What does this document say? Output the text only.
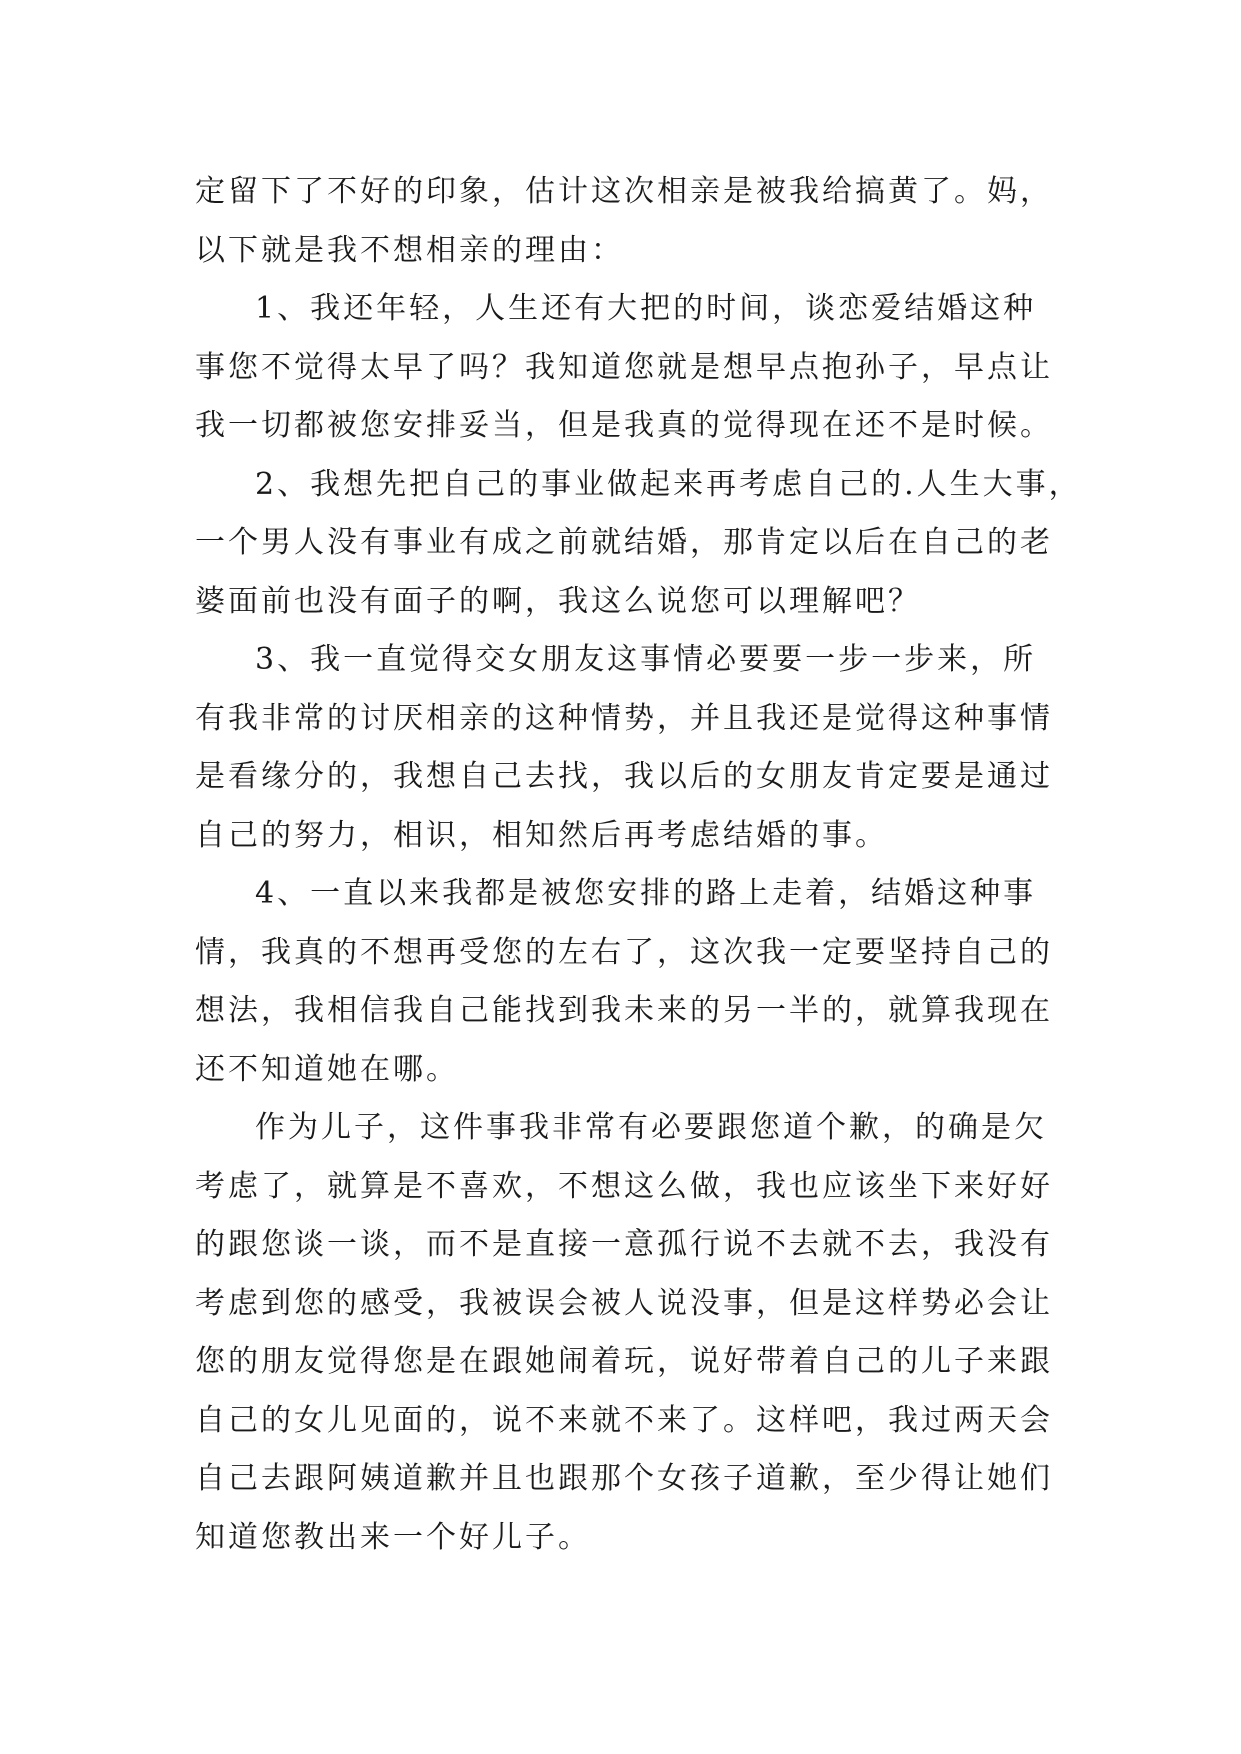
定留下了不好的印象，估计这次相亲是被我给搞黄了。妈，
以下就是我不想相亲的理由：
1、我还年轻，人生还有大把的时间，谈恋爱结婚这种
事您不觉得太早了吗？我知道您就是想早点抱孙子，早点让
我一切都被您安排妥当，但是我真的觉得现在还不是时候。
2、我想先把自己的事业做起来再考虑自己的.人生大事，
一个男人没有事业有成之前就结婚，那肯定以后在自己的老
婆面前也没有面子的啊，我这么说您可以理解吧？
3、我一直觉得交女朋友这事情必要要一步一步来，所
有我非常的讨厌相亲的这种情势，并且我还是觉得这种事情
是看缘分的，我想自己去找，我以后的女朋友肯定要是通过
自己的努力，相识，相知然后再考虑结婚的事。
4、一直以来我都是被您安排的路上走着，结婚这种事
情，我真的不想再受您的左右了，这次我一定要坚持自己的
想法，我相信我自己能找到我未来的另一半的，就算我现在
还不知道她在哪。
作为儿子，这件事我非常有必要跟您道个歉，的确是欠
考虑了，就算是不喜欢，不想这么做，我也应该坐下来好好
的跟您谈一谈，而不是直接一意孤行说不去就不去，我没有
考虑到您的感受，我被误会被人说没事，但是这样势必会让
您的朋友觉得您是在跟她闹着玩，说好带着自己的儿子来跟
自己的女儿见面的，说不来就不来了。这样吧，我过两天会
自己去跟阿姨道歉并且也跟那个女孩子道歉，至少得让她们
知道您教出来一个好儿子。
